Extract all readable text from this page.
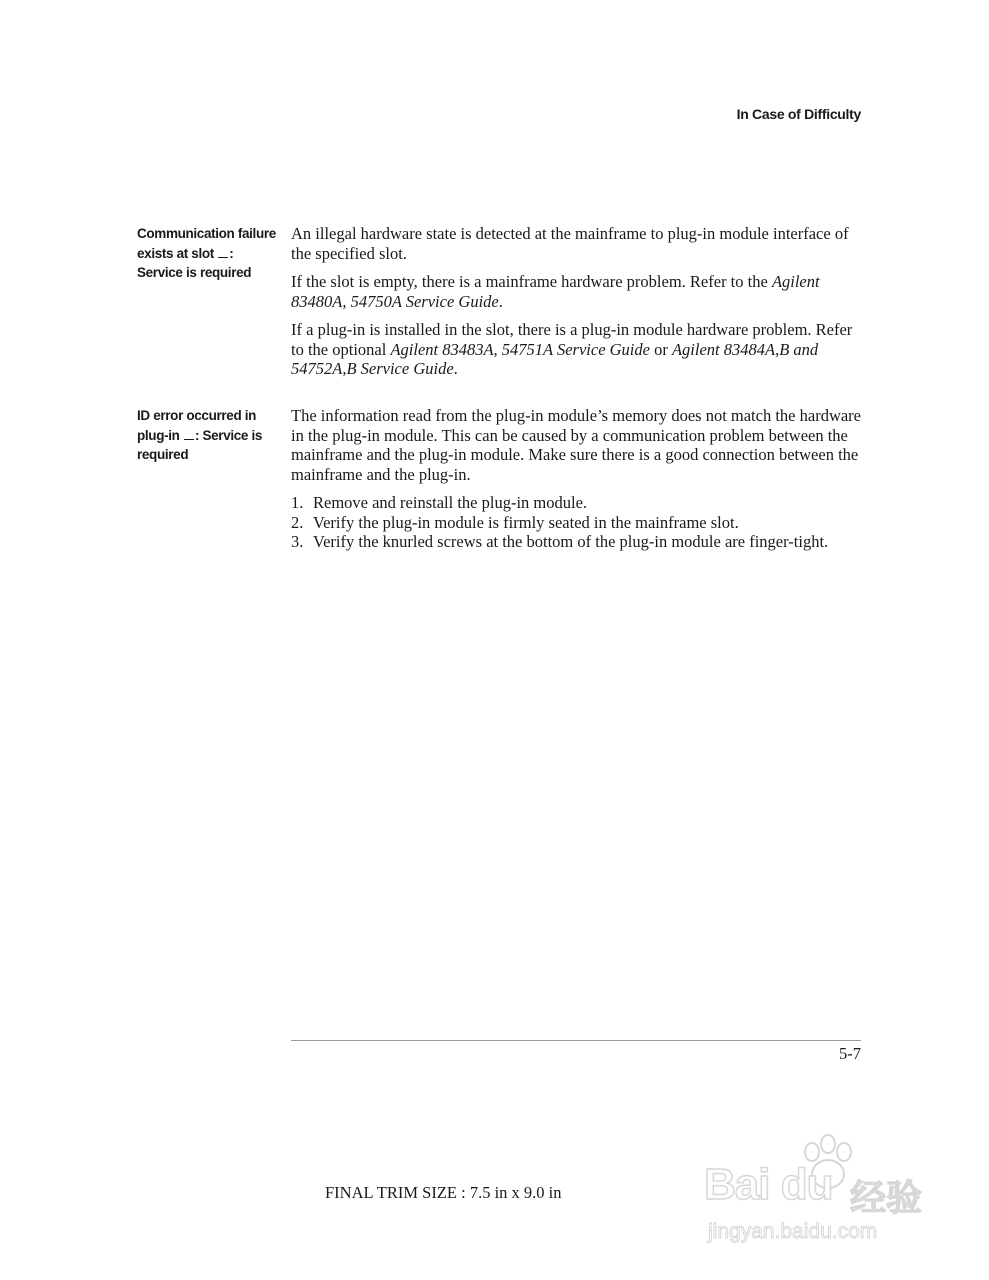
In Case of Difficulty
Communication failure exists at slot : Service is required

An illegal hardware state is detected at the mainframe to plug-in module interface of the specified slot.

If the slot is empty, there is a mainframe hardware problem. Refer to the Agilent 83480A, 54750A Service Guide.

If a plug-in is installed in the slot, there is a plug-in module hardware problem. Refer to the optional Agilent 83483A, 54751A Service Guide or Agilent 83484A,B and 54752A,B Service Guide.

ID error occurred in plug-in : Service is required

The information read from the plug-in module’s memory does not match the hardware in the plug-in module. This can be caused by a communication problem between the mainframe and the plug-in module. Make sure there is a good connection between the mainframe and the plug-in.

1. Remove and reinstall the plug-in module.
2. Verify the plug-in module is firmly seated in the mainframe slot.
3. Verify the knurled screws at the bottom of the plug-in module are finger-tight.
5-7
FINAL TRIM SIZE : 7.5 in x 9.0 in	Bai du 经验
jingyan.baidu.com
